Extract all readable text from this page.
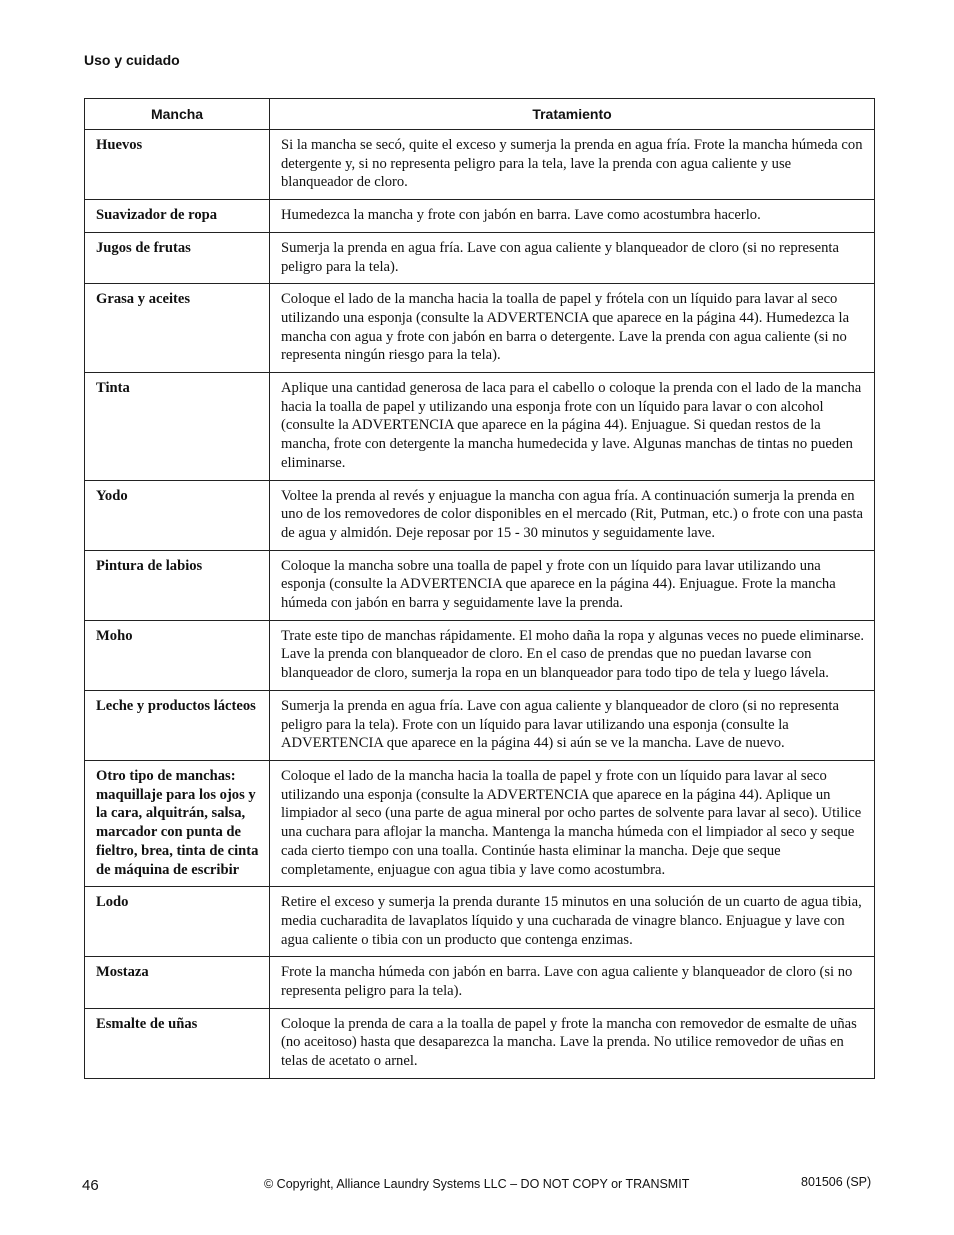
Uso y cuidado
Mancha	Tratamiento
Huevos	Si la mancha se secó, quite el exceso y sumerja la prenda en agua fría. Frote la mancha húmeda con detergente y, si no representa peligro para la tela, lave la prenda con agua caliente y use blanqueador de cloro.
Suavizador de ropa	Humedezca la mancha y frote con jabón en barra. Lave como acostumbra hacerlo.
Jugos de frutas	Sumerja la prenda en agua fría. Lave con agua caliente y blanqueador de cloro (si no representa peligro para la tela).
Grasa y aceites	Coloque el lado de la mancha hacia la toalla de papel y frótela con un líquido para lavar al seco utilizando una esponja (consulte la ADVERTENCIA que aparece en la página 44). Humedezca la mancha con agua y frote con jabón en barra o detergente. Lave la prenda con agua caliente (si no representa ningún riesgo para la tela).
Tinta	Aplique una cantidad generosa de laca para el cabello o coloque la prenda con el lado de la mancha hacia la toalla de papel y utilizando una esponja frote con un líquido para lavar o con alcohol (consulte la ADVERTENCIA que aparece en la página 44). Enjuague. Si quedan restos de la mancha, frote con detergente la mancha humedecida y lave. Algunas manchas de tintas no pueden eliminarse.
Yodo	Voltee la prenda al revés y enjuague la mancha con agua fría. A continuación sumerja la prenda en uno de los removedores de color disponibles en el mercado (Rit, Putman, etc.) o frote con una pasta de agua y almidón. Deje reposar por 15 - 30 minutos y seguidamente lave.
Pintura de labios	Coloque la mancha sobre una toalla de papel y frote con un líquido para lavar utilizando una esponja (consulte la ADVERTENCIA que aparece en la página 44). Enjuague. Frote la mancha húmeda con jabón en barra y seguidamente lave la prenda.
Moho	Trate este tipo de manchas rápidamente. El moho daña la ropa y algunas veces no puede eliminarse. Lave la prenda con blanqueador de cloro. En el caso de prendas que no puedan lavarse con blanqueador de cloro, sumerja la ropa en un blanqueador para todo tipo de tela y luego lávela.
Leche y productos lácteos	Sumerja la prenda en agua fría. Lave con agua caliente y blanqueador de cloro (si no representa peligro para la tela). Frote con un líquido para lavar utilizando una esponja (consulte la ADVERTENCIA que aparece en la página 44) si aún se ve la mancha. Lave de nuevo.
Otro tipo de manchas: maquillaje para los ojos y la cara, alquitrán, salsa, marcador con punta de fieltro, brea, tinta de cinta de máquina de escribir	Coloque el lado de la mancha hacia la toalla de papel y frote con un líquido para lavar al seco utilizando una esponja (consulte la ADVERTENCIA que aparece en la página 44). Aplique un limpiador al seco (una parte de agua mineral por ocho partes de solvente para lavar al seco). Utilice una cuchara para aflojar la mancha. Mantenga la mancha húmeda con el limpiador al seco y seque cada cierto tiempo con una toalla. Continúe hasta eliminar la mancha. Deje que seque completamente, enjuague con agua tibia y lave como acostumbra.
Lodo	Retire el exceso y sumerja la prenda durante 15 minutos en una solución de un cuarto de agua tibia, media cucharadita de lavaplatos líquido y una cucharada de vinagre blanco. Enjuague y lave con agua caliente o tibia con un producto que contenga enzimas.
Mostaza	Frote la mancha húmeda con jabón en barra. Lave con agua caliente y blanqueador de cloro (si no representa peligro para la tela).
Esmalte de uñas	Coloque la prenda de cara a la toalla de papel y frote la mancha con removedor de esmalte de uñas (no aceitoso) hasta que desaparezca la mancha. Lave la prenda. No utilice removedor de uñas en telas de acetato o arnel.
46	© Copyright, Alliance Laundry Systems LLC – DO NOT COPY or TRANSMIT	801506 (SP)
